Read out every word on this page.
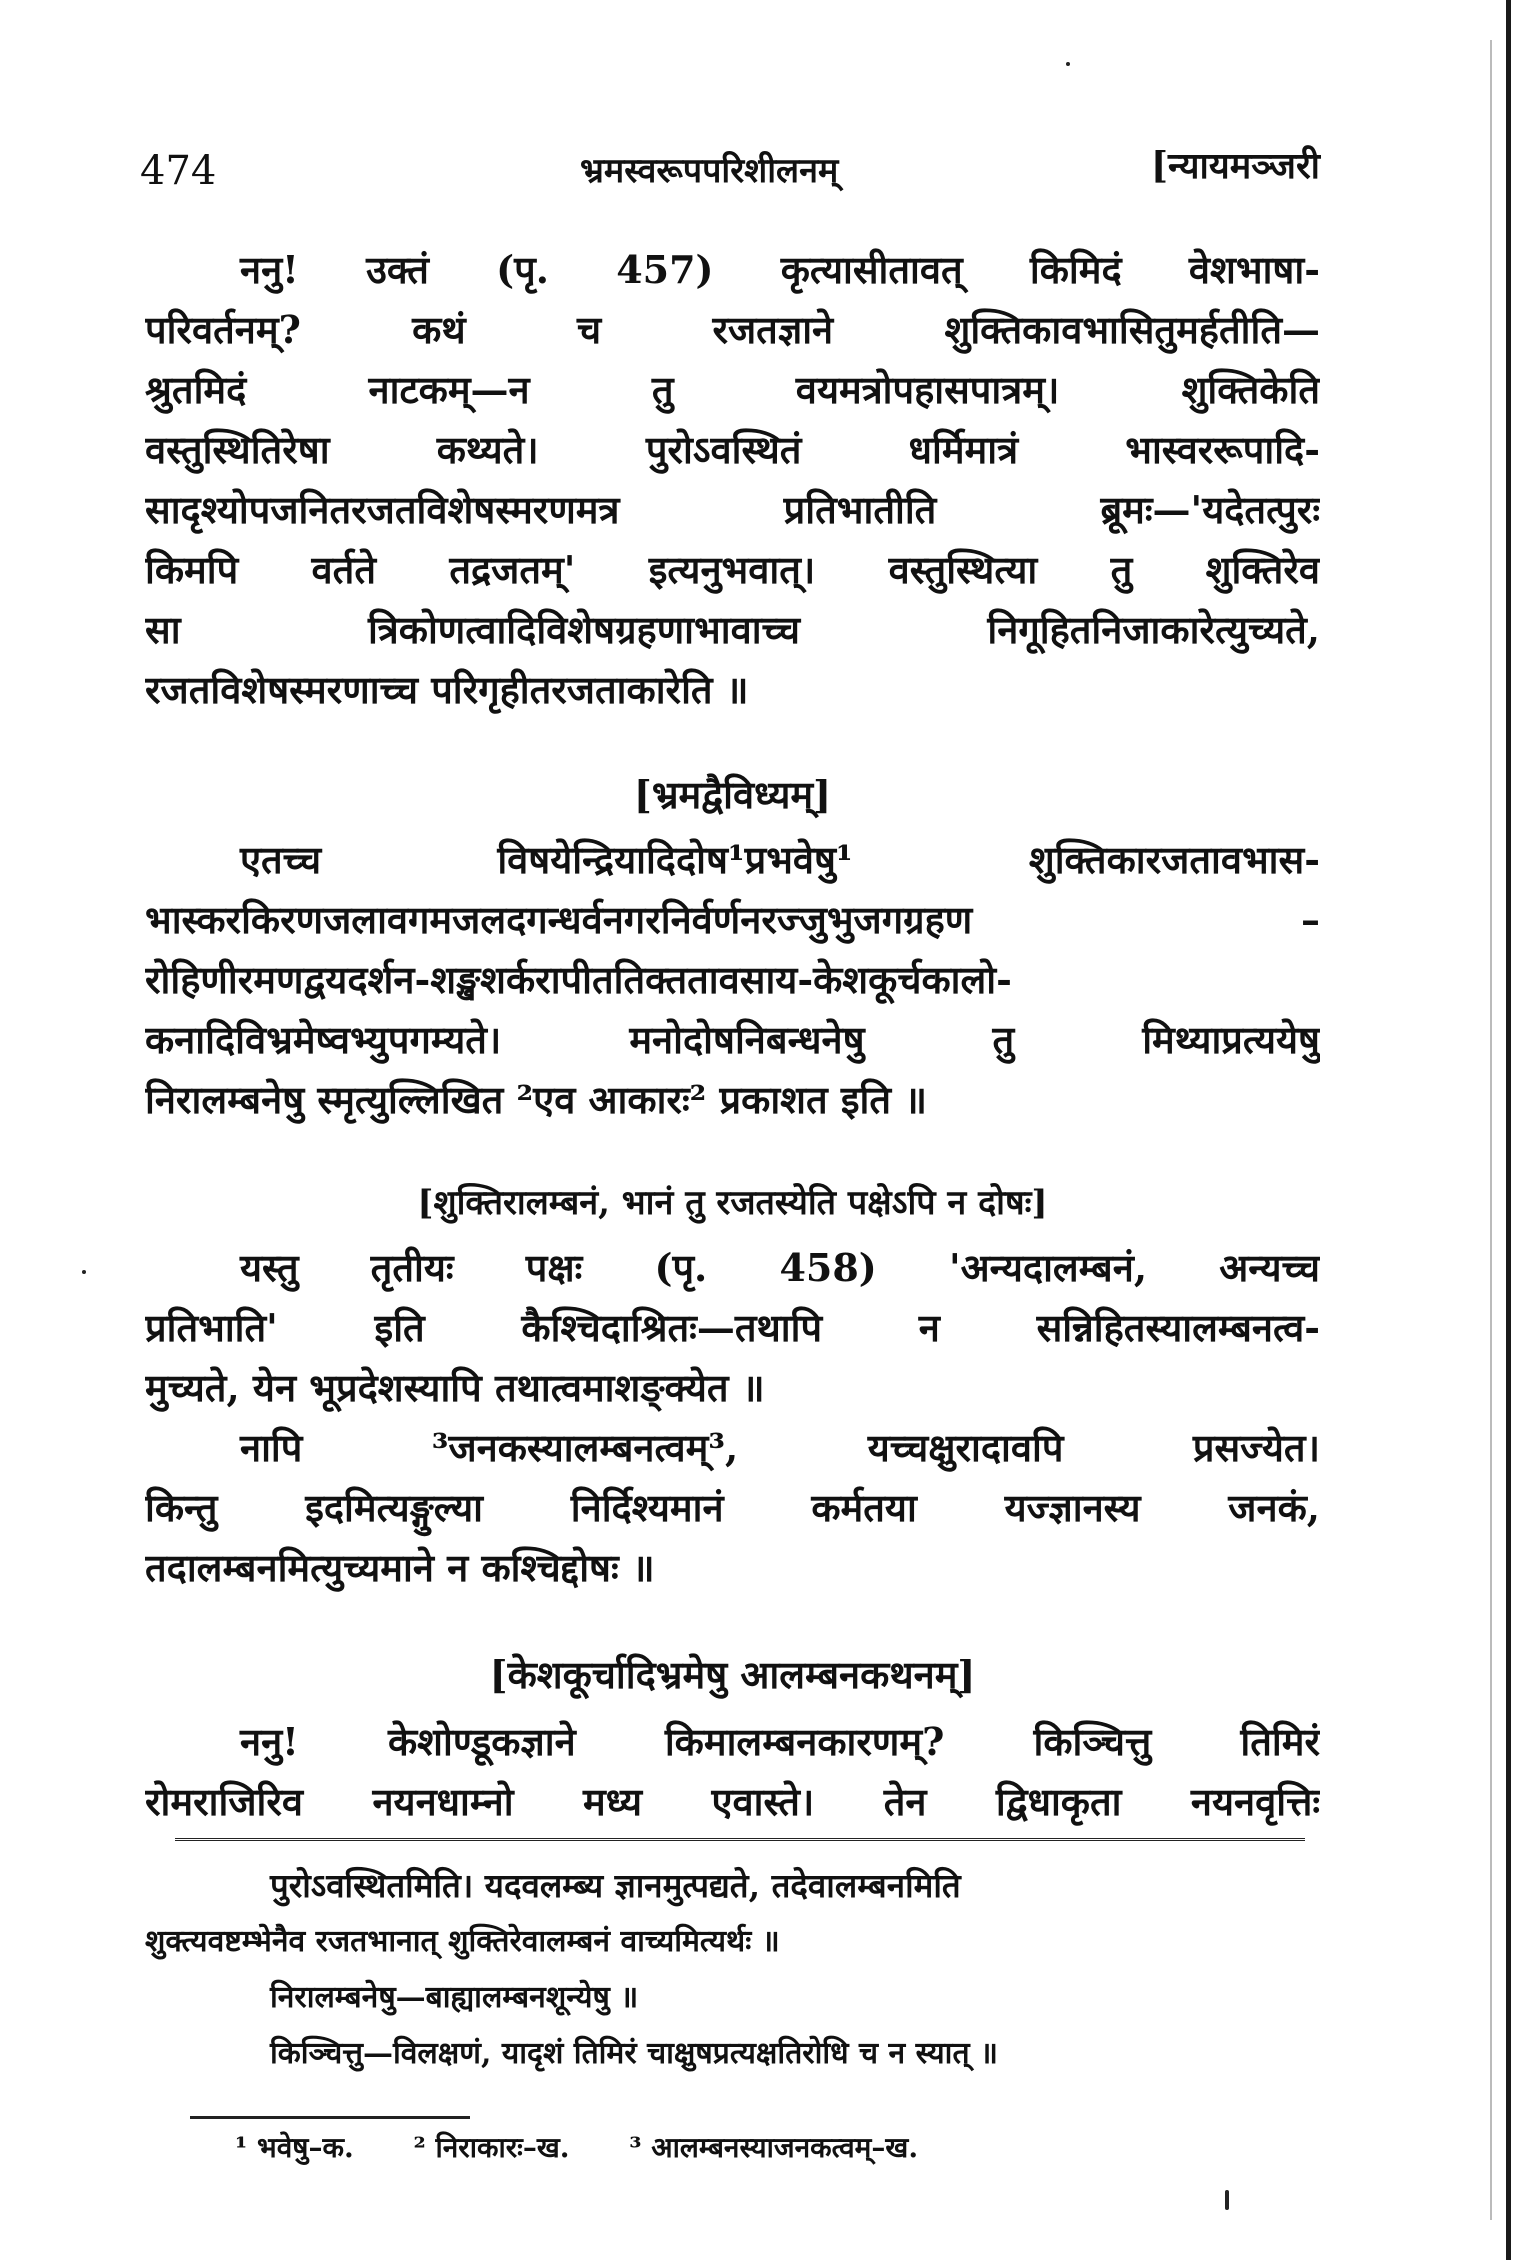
474	भ्रमस्वरूपपरिशीलनम्	[न्यायमञ्जरी
ननु! उक्तं (पृ. 457) कृत्यासीतावत् किमिदं वेशभाषा-
परिवर्तनम्? कथं च रजतज्ञाने शुक्तिकावभासितुमर्हतीति—
श्रुतमिदं नाटकम्—न तु वयमत्रोपहासपात्रम्। शुक्तिकेति
वस्तुस्थितिरेषा कथ्यते। पुरोऽवस्थितं धर्मिमात्रं भास्वररूपादि-
सादृश्योपजनितरजतविशेषस्मरणमत्र प्रतिभातीति ब्रूमः—'यदेतत्पुरः
किमपि वर्तते तद्रजतम्' इत्यनुभवात्। वस्तुस्थित्या तु शुक्तिरेव
सा त्रिकोणत्वादिविशेषग्रहणाभावाच्च निगूहितनिजाकारेत्युच्यते,
रजतविशेषस्मरणाच्च परिगृहीतरजताकारेति ॥
[भ्रमद्वैविध्यम्]
एतच्च विषयेन्द्रियादिदोष¹प्रभवेषु¹ शुक्तिकारजतावभास-
भास्करकिरणजलावगमजलदगन्धर्वनगरनिर्वर्णनरज्जुभुजगग्रहण –
रोहिणीरमणद्वयदर्शन-शङ्खशर्करापीततिक्ततावसाय-केशकूर्चकालो-
कनादिविभ्रमेष्वभ्युपगम्यते। मनोदोषनिबन्धनेषु तु मिथ्याप्रत्ययेषु
निरालम्बनेषु स्मृत्युल्लिखित ²एव आकारः² प्रकाशत इति ॥
[शुक्तिरालम्बनं, भानं तु रजतस्येति पक्षेऽपि न दोषः]
यस्तु तृतीयः पक्षः (पृ. 458) 'अन्यदालम्बनं, अन्यच्च
प्रतिभाति' इति कैश्चिदाश्रितः—तथापि न सन्निहितस्यालम्बनत्व-
मुच्यते, येन भूप्रदेशस्यापि तथात्वमाशङ्क्येत ॥
नापि ³जनकस्यालम्बनत्वम्³, यच्चक्षुरादावपि प्रसज्येत।
किन्तु इदमित्यङ्गुल्या निर्दिश्यमानं कर्मतया यज्ज्ञानस्य जनकं,
तदालम्बनमित्युच्यमाने न कश्चिद्दोषः ॥
[केशकूर्चादिभ्रमेषु आलम्बनकथनम्]
ननु! केशोण्डूकज्ञाने किमालम्बनकारणम्? किञ्चित्तु तिमिरं
रोमराजिरिव नयनधाम्नो मध्य एवास्ते। तेन द्विधाकृता नयनवृत्तिः
पुरोऽवस्थितमिति। यदवलम्ब्य ज्ञानमुत्पद्यते, तदेवालम्बनमिति
शुक्त्यवष्टम्भेनैव रजतभानात् शुक्तिरेवालम्बनं वाच्यमित्यर्थः ॥
निरालम्बनेषु—बाह्यालम्बनशून्येषु ॥
किञ्चित्तु—विलक्षणं, यादृशं तिमिरं चाक्षुषप्रत्यक्षतिरोधि च न स्यात् ॥
¹ भवेषु–क. ² निराकारः–ख. ³ आलम्बनस्याजनकत्वम्–ख.
